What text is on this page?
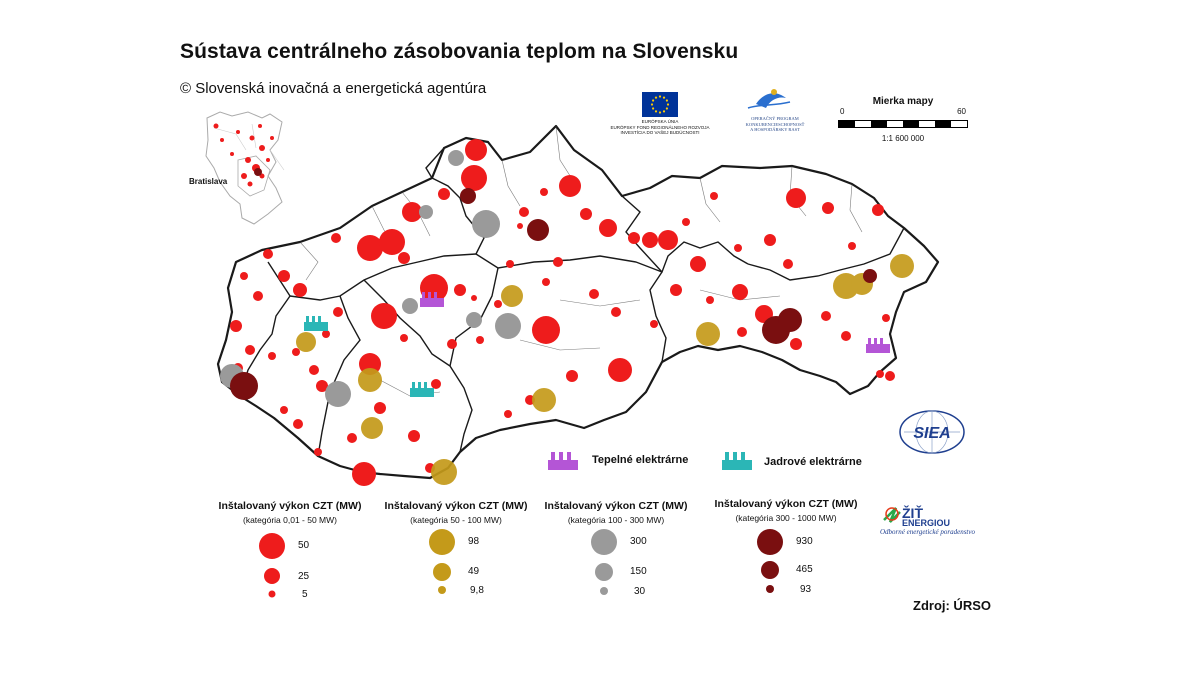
Sústava centrálneho zásobovania teplom na Slovensku
© Slovenská inovačná a energetická agentúra
SIEA
EURÓPSKA ÚNIA
EURÓPSKY FOND REGIONÁLNEHO ROZVOJA
INVESTÍCIA DO VAŠEJ BUDÚCNOSTI
OPERAČNÝ PROGRAM
KONKURENCIESCHOPNOSŤ
A HOSPODÁRSKY RAST
Mierka mapy
0	60
1:1 600 000
Bratislava
Tepelné elektrárne	Jadrové elektrárne
Inštalovaný výkon CZT (MW)
(kategória 0,01 - 50 MW)
50
25
5
Inštalovaný výkon CZT (MW)
(kategória 50 - 100 MW)
98
49
9,8
Inštalovaný výkon CZT (MW)
(kategória 100 - 300 MW)
300
150
30
Inštalovaný výkon CZT (MW)
(kategória 300 - 1000 MW)
930
465
93
ŽIŤ
ENERGIOU
Odborné energetické poradenstvo
Zdroj: ÚRSO
